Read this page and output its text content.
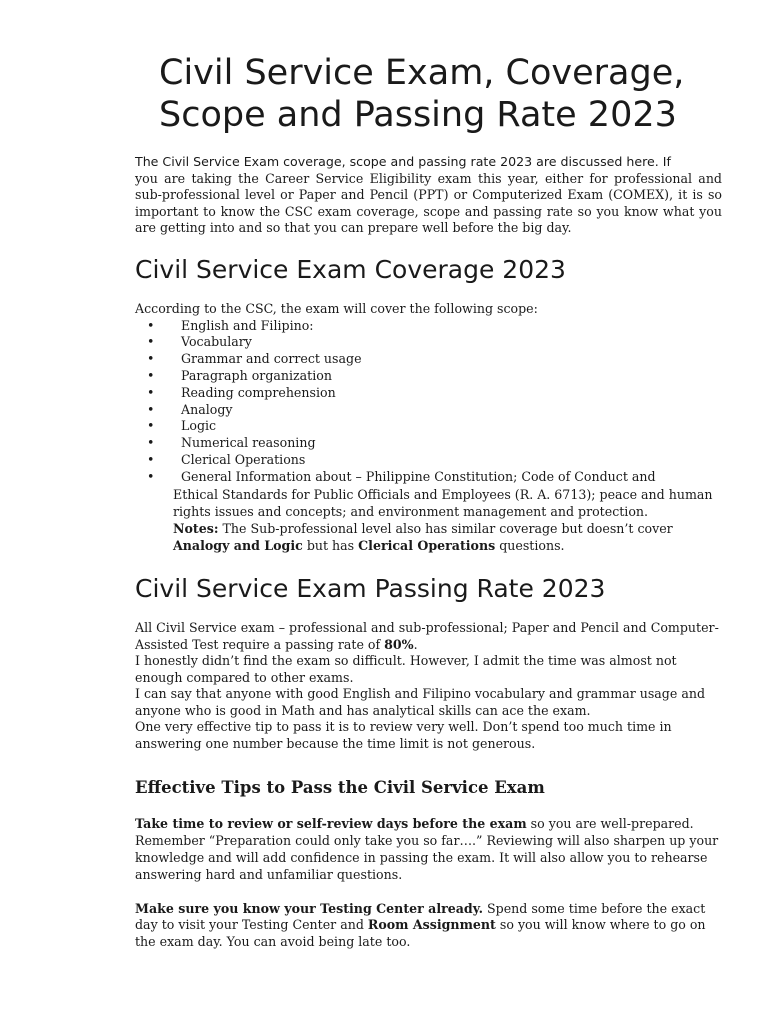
Civil Service Exam, Coverage,
Scope and Passing Rate 2023
The Civil Service Exam coverage, scope and passing rate 2023 are discussed here. If
you are taking the Career Service Eligibility exam this year, either for professional and sub-professional level or Paper and Pencil (PPT) or Computerized Exam (COMEX), it is so important to know the CSC exam coverage, scope and passing rate so you know what you are getting into and so that you can prepare well before the big day.
Civil Service Exam Coverage 2023

According to the CSC, the exam will cover the following scope:

• English and Filipino:
• Vocabulary
• Grammar and correct usage
• Paragraph organization
• Reading comprehension
• Analogy
• Logic
• Numerical reasoning
• Clerical Operations
• General Information about – Philippine Constitution; Code of Conduct and
Ethical Standards for Public Officials and Employees (R. A. 6713); peace and human rights issues and concepts; and environment management and protection.
Notes: The Sub-professional level also has similar coverage but doesn’t cover Analogy and Logic but has Clerical Operations questions.
Civil Service Exam Passing Rate 2023

All Civil Service exam – professional and sub-professional; Paper and Pencil and Computer-Assisted Test require a passing rate of 80%.

I honestly didn’t find the exam so difficult. However, I admit the time was almost not enough compared to other exams.

I can say that anyone with good English and Filipino vocabulary and grammar usage and anyone who is good in Math and has analytical skills can ace the exam.

One very effective tip to pass it is to review very well. Don’t spend too much time in answering one number because the time limit is not generous.

Effective Tips to Pass the Civil Service Exam

Take time to review or self-review days before the exam so you are well-prepared. Remember “Preparation could only take you so far….” Reviewing will also sharpen up your knowledge and will add confidence in passing the exam. It will also allow you to rehearse answering hard and unfamiliar questions.

Make sure you know your Testing Center already. Spend some time before the exact day to visit your Testing Center and Room Assignment so you will know where to go on the exam day. You can avoid being late too.
